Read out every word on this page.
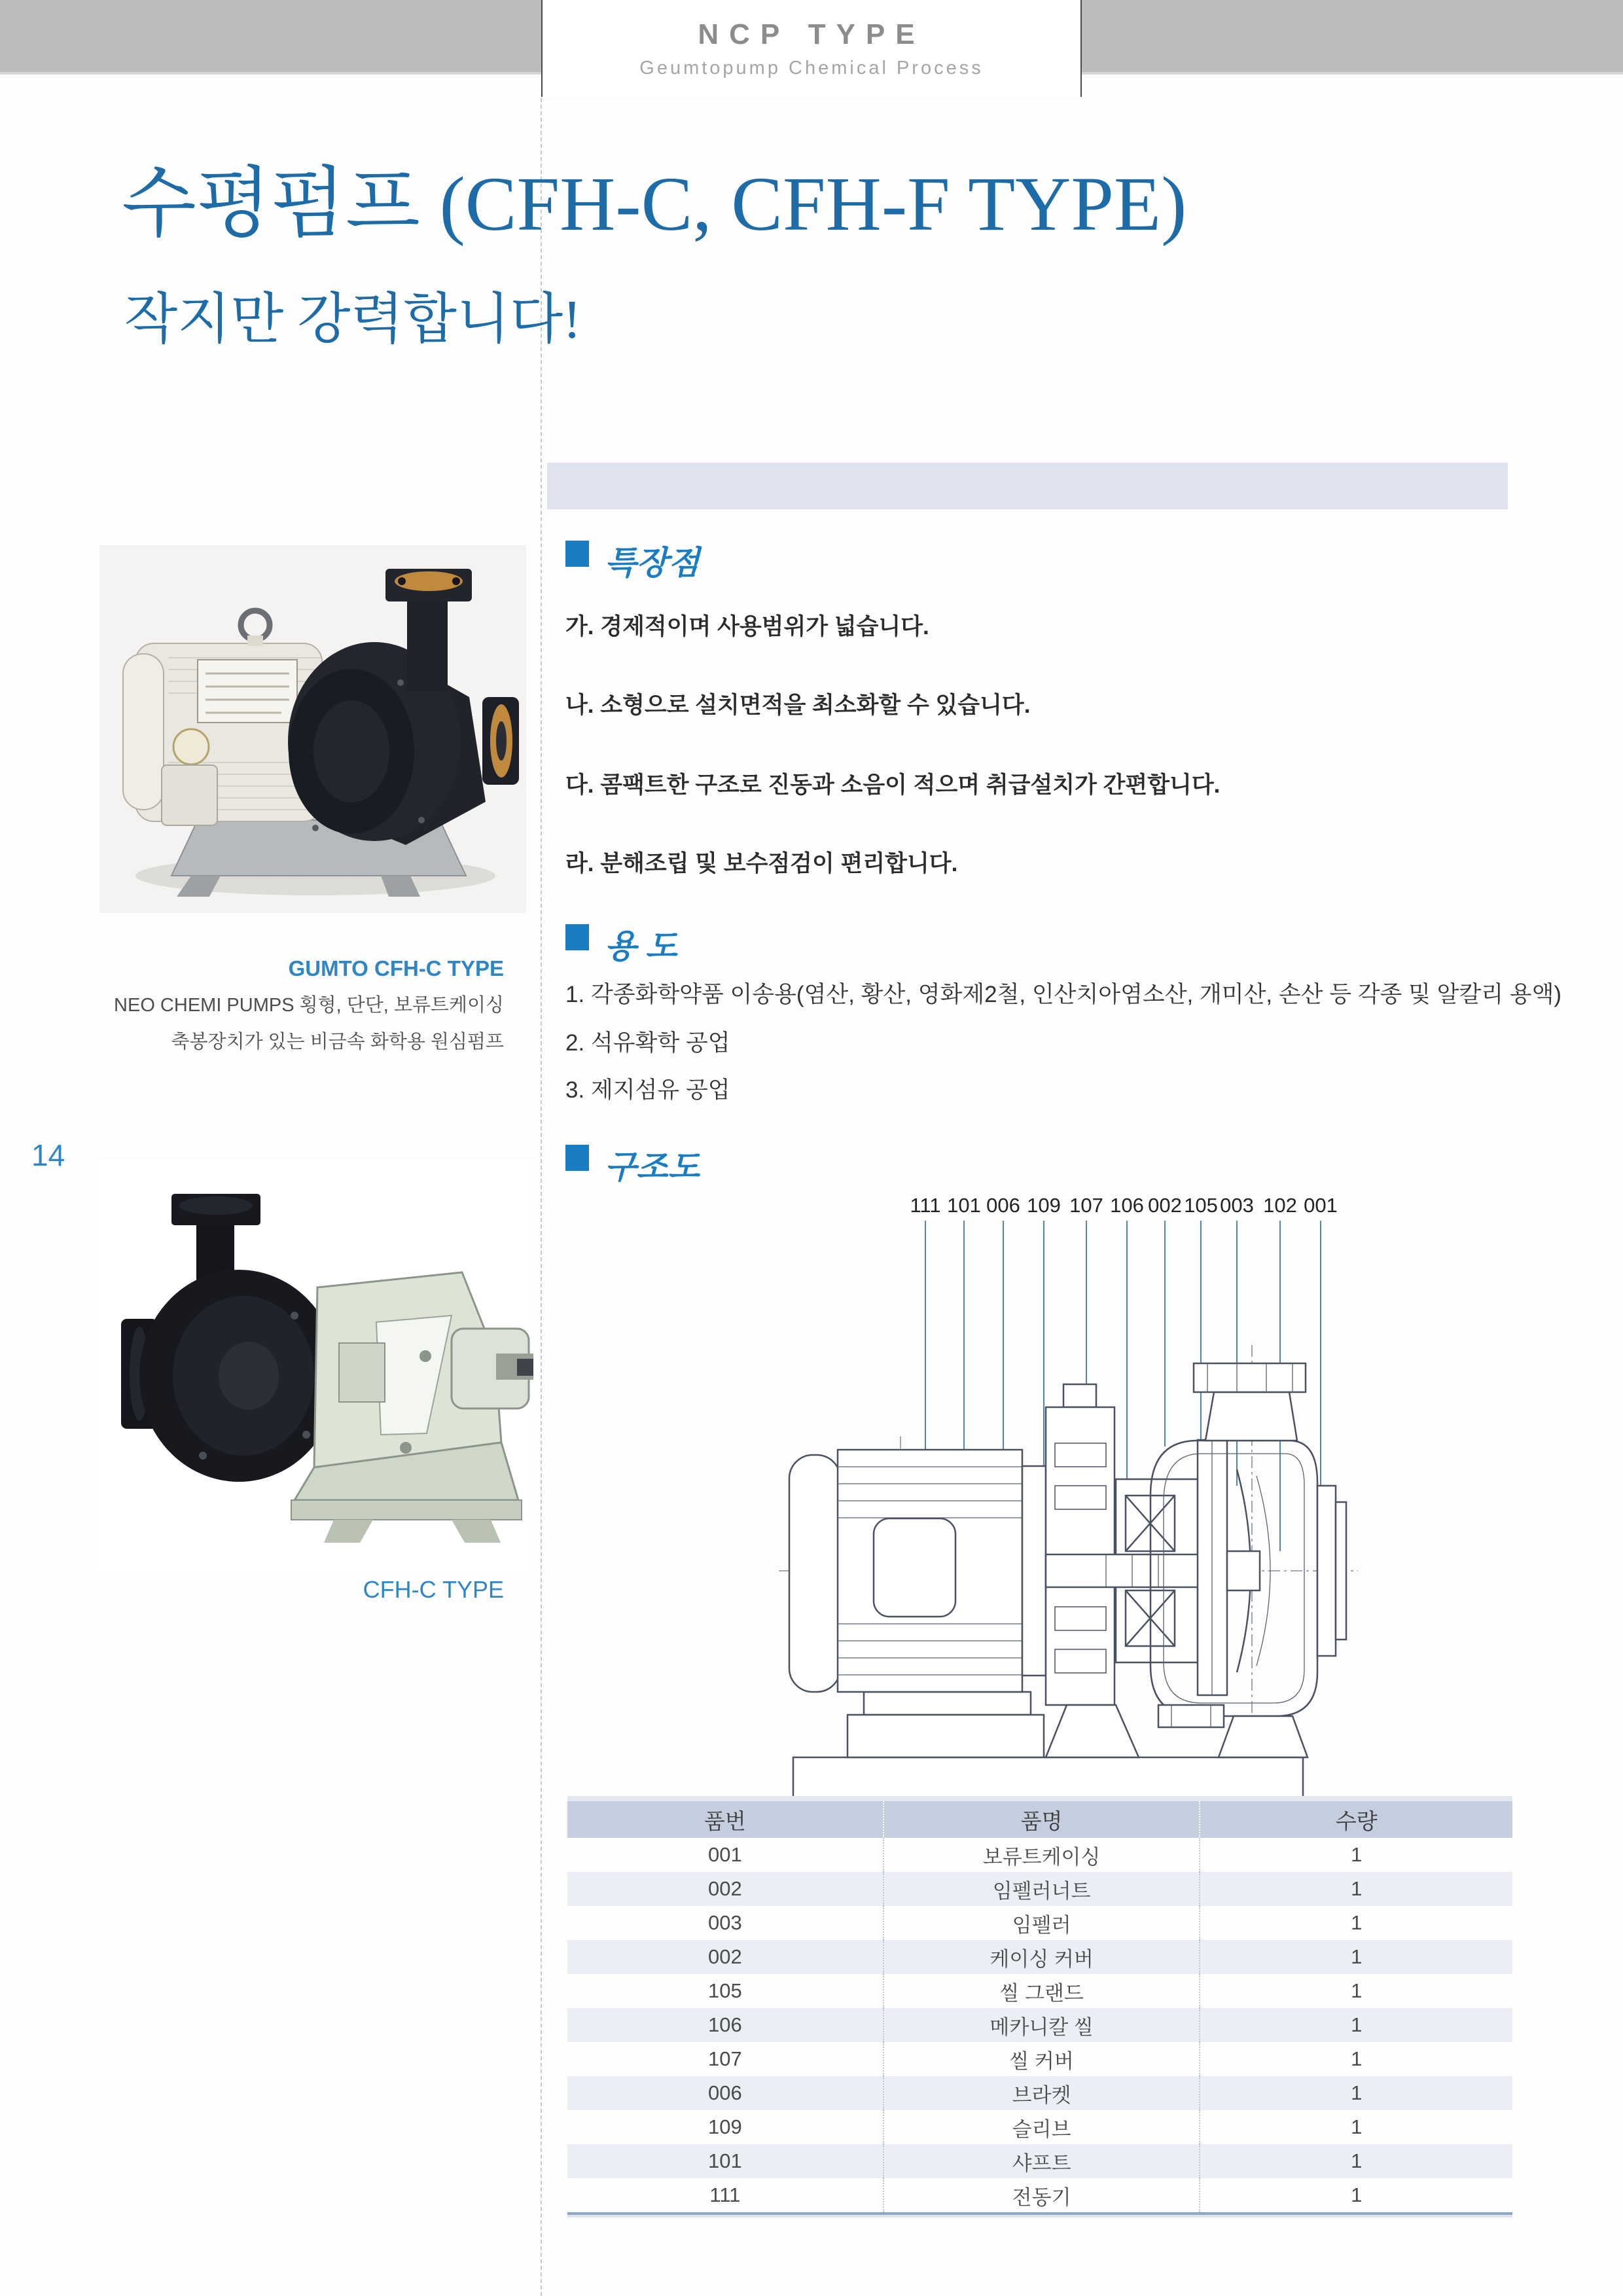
NCP TYPE
Geumtopump Chemical Process
수평펌프 (CFH-C, CFH-F TYPE)
작지만 강력합니다!
GUMTO CFH-C TYPE
NEO CHEMI PUMPS 횡형, 단단, 보류트케이싱
축봉장치가 있는 비금속 화학용 원심펌프
14
CFH-C TYPE
특장점
가. 경제적이며 사용범위가 넓습니다.
나. 소형으로 설치면적을 최소화할 수 있습니다.
다. 콤팩트한 구조로 진동과 소음이 적으며 취급설치가 간편합니다.
라. 분해조립 및 보수점검이 편리합니다.
용 도
1. 각종화학약품 이송용(염산, 황산, 영화제2철, 인산치아염소산, 개미산, 손산 등 각종 및 알칼리 용액)
2. 석유확학 공업
3. 제지섬유 공업
구조도
111 101 006 109 107 106 002 105 003 102 001
품번	품명	수량
001	보류트케이싱	1
002	임펠러너트	1
003	임펠러	1
002	케이싱 커버	1
105	씰 그랜드	1
106	메카니칼 씰	1
107	씰 커버	1
006	브라켓	1
109	슬리브	1
101	샤프트	1
111	전동기	1
